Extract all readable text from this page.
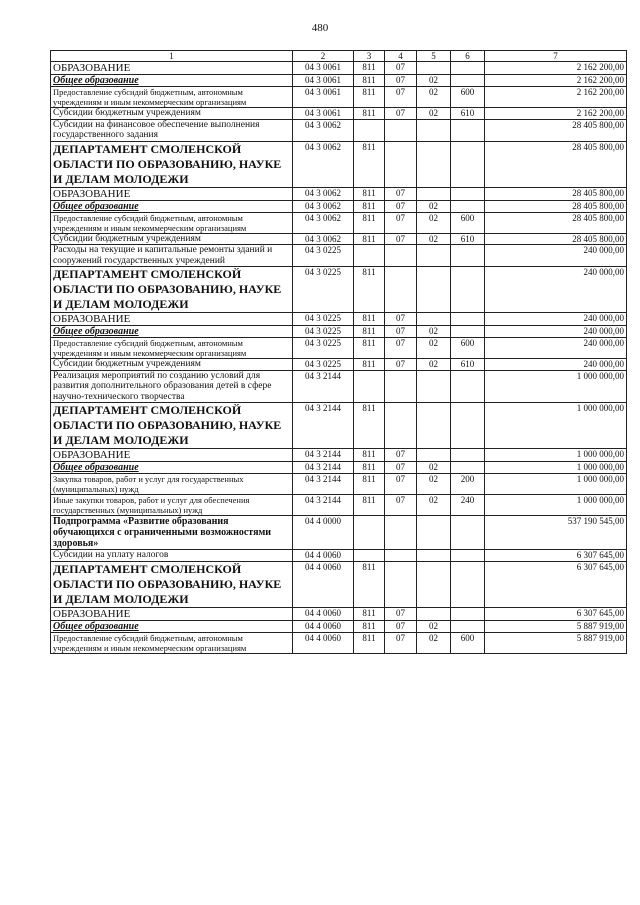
480
1	2	3	4	5	6	7
ОБРАЗОВАНИЕ	04 3 0061	811	07			2 162 200,00
Общее образование	04 3 0061	811	07	02		2 162 200,00
Предоставление субсидий бюджетным, автономным учреждениям и иным некоммерческим организациям	04 3 0061	811	07	02	600	2 162 200,00
Субсидии бюджетным учреждениям	04 3 0061	811	07	02	610	2 162 200,00
Субсидии на финансовое обеспечение выполнения государственного задания	04 3 0062					28 405 800,00
ДЕПАРТАМЕНТ СМОЛЕНСКОЙ ОБЛАСТИ ПО ОБРАЗОВАНИЮ, НАУКЕ И ДЕЛАМ МОЛОДЕЖИ	04 3 0062	811				28 405 800,00
ОБРАЗОВАНИЕ	04 3 0062	811	07			28 405 800,00
Общее образование	04 3 0062	811	07	02		28 405 800,00
Предоставление субсидий бюджетным, автономным учреждениям и иным некоммерческим организациям	04 3 0062	811	07	02	600	28 405 800,00
Субсидии бюджетным учреждениям	04 3 0062	811	07	02	610	28 405 800,00
Расходы на текущие и капитальные ремонты зданий и сооружений государственных учреждений	04 3 0225					240 000,00
ДЕПАРТАМЕНТ СМОЛЕНСКОЙ ОБЛАСТИ ПО ОБРАЗОВАНИЮ, НАУКЕ И ДЕЛАМ МОЛОДЕЖИ	04 3 0225	811				240 000,00
ОБРАЗОВАНИЕ	04 3 0225	811	07			240 000,00
Общее образование	04 3 0225	811	07	02		240 000,00
Предоставление субсидий бюджетным, автономным учреждениям и иным некоммерческим организациям	04 3 0225	811	07	02	600	240 000,00
Субсидии бюджетным учреждениям	04 3 0225	811	07	02	610	240 000,00
Реализация мероприятий по созданию условий для развития дополнительного образования детей в сфере научно-технического творчества	04 3 2144					1 000 000,00
ДЕПАРТАМЕНТ СМОЛЕНСКОЙ ОБЛАСТИ ПО ОБРАЗОВАНИЮ, НАУКЕ И ДЕЛАМ МОЛОДЕЖИ	04 3 2144	811				1 000 000,00
ОБРАЗОВАНИЕ	04 3 2144	811	07			1 000 000,00
Общее образование	04 3 2144	811	07	02		1 000 000,00
Закупка товаров, работ и услуг для государственных (муниципальных) нужд	04 3 2144	811	07	02	200	1 000 000,00
Иные закупки товаров, работ и услуг для обеспечения государственных (муниципальных) нужд	04 3 2144	811	07	02	240	1 000 000,00
Подпрограмма «Развитие образования обучающихся с ограниченными возможностями здоровья»	04 4 0000					537 190 545,00
Субсидии на уплату налогов	04 4 0060					6 307 645,00
ДЕПАРТАМЕНТ СМОЛЕНСКОЙ ОБЛАСТИ ПО ОБРАЗОВАНИЮ, НАУКЕ И ДЕЛАМ МОЛОДЕЖИ	04 4 0060	811				6 307 645,00
ОБРАЗОВАНИЕ	04 4 0060	811	07			6 307 645,00
Общее образование	04 4 0060	811	07	02		5 887 919,00
Предоставление субсидий бюджетным, автономным учреждениям и иным некоммерческим организациям	04 4 0060	811	07	02	600	5 887 919,00
